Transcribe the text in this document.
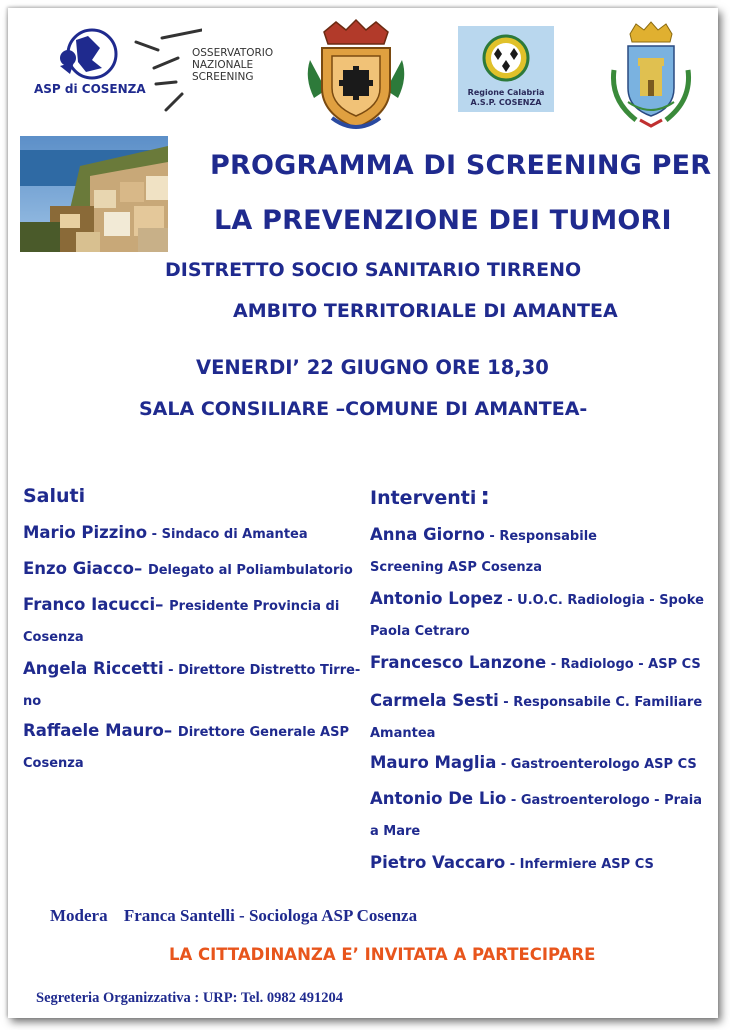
ASP di COSENZA
OSSERVATORIO
NAZIONALE
SCREENING
Regione Calabria
A.S.P. COSENZA
PROGRAMMA DI SCREENING PER
LA PREVENZIONE DEI TUMORI
DISTRETTO SOCIO SANITARIO TIRRENO
AMBITO TERRITORIALE DI AMANTEA
VENERDI’ 22 GIUGNO ORE 18,30
SALA CONSILIARE –COMUNE DI AMANTEA-
Saluti
Mario Pizzino - Sindaco di Amantea
Enzo Giacco– Delegato al Poliambulatorio
Franco Iacucci– Presidente Provincia di
Cosenza
Angela Riccetti - Direttore Distretto Tirre-
no
Raffaele Mauro– Direttore Generale ASP
Cosenza
Interventi :
Anna Giorno - Responsabile
Screening ASP Cosenza
Antonio Lopez - U.O.C. Radiologia - Spoke
Paola Cetraro
Francesco Lanzone - Radiologo - ASP CS
Carmela Sesti - Responsabile C. Familiare
Amantea
Mauro Maglia - Gastroenterologo ASP CS
Antonio De Lio - Gastroenterologo - Praia
a Mare
Pietro Vaccaro - Infermiere ASP CS
Modera Franca Santelli - Sociologa ASP Cosenza
LA CITTADINANZA E’ INVITATA A PARTECIPARE
Segreteria Organizzativa : URP: Tel. 0982 491204
